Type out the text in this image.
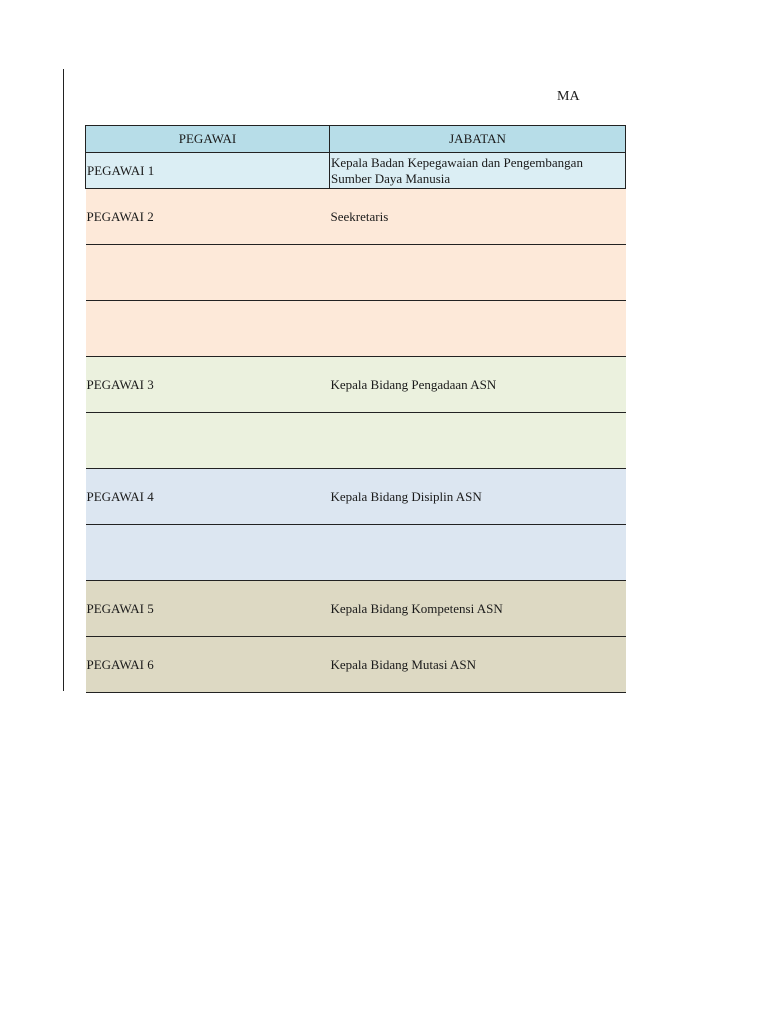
MA
PEGAWAI	JABATAN
PEGAWAI 1	Kepala Badan Kepegawaian dan Pengembangan Sumber Daya Manusia
PEGAWAI 2	Seekretaris

PEGAWAI 3	Kepala Bidang Pengadaan ASN

PEGAWAI 4	Kepala Bidang Disiplin ASN

PEGAWAI 5	Kepala Bidang Kompetensi ASN
PEGAWAI 6	Kepala Bidang Mutasi ASN
